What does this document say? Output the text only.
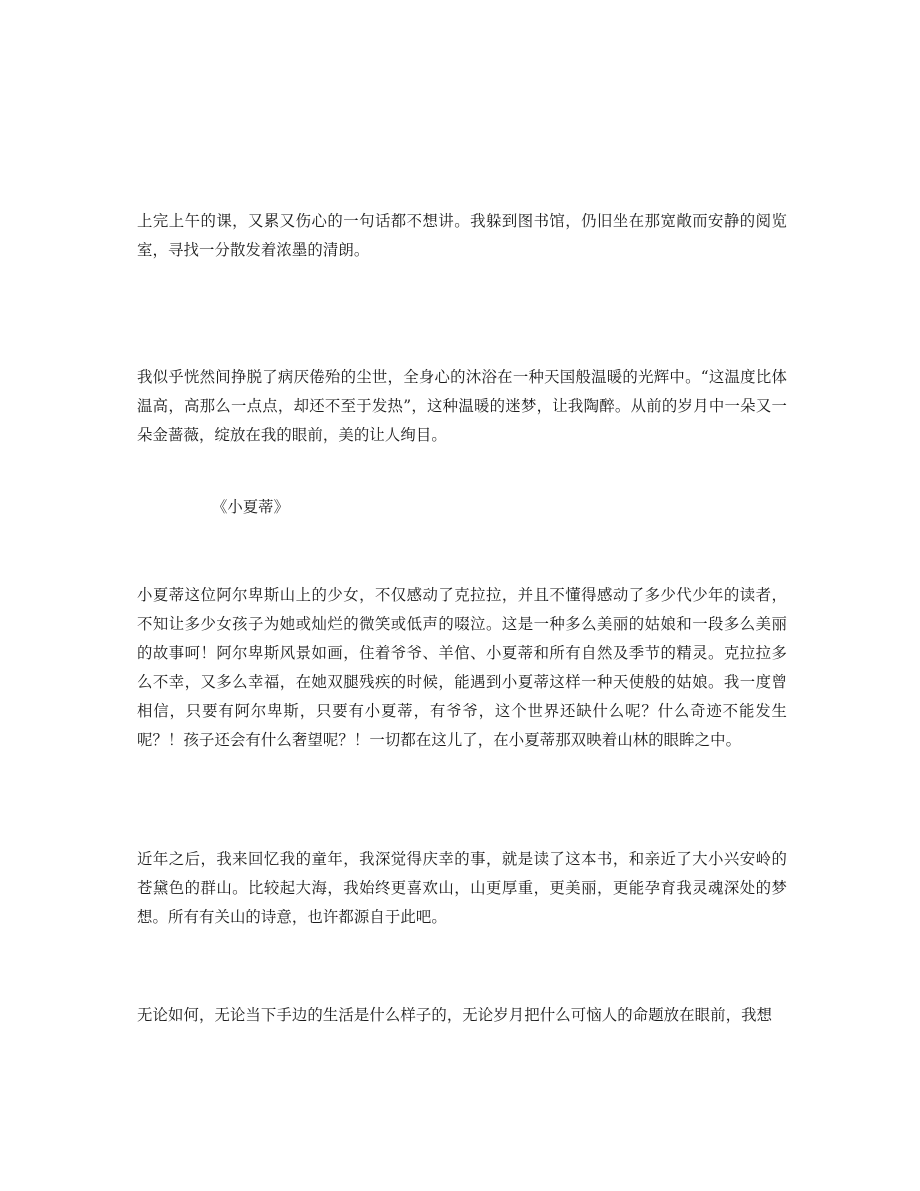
上完上午的课，又累又伤心的一句话都不想讲。我躲到图书馆，仍旧坐在那宽敞而安静的阅览室，寻找一分散发着浓墨的清朗。

我似乎恍然间挣脱了病厌倦殆的尘世，全身心的沐浴在一种天国般温暖的光辉中。“这温度比体温高，高那么一点点，却还不至于发热”，这种温暖的迷梦，让我陶醉。从前的岁月中一朵又一朵金蔷薇，绽放在我的眼前，美的让人绚目。

《小夏蒂》

小夏蒂这位阿尔卑斯山上的少女，不仅感动了克拉拉，并且不懂得感动了多少代少年的读者，不知让多少女孩子为她或灿烂的微笑或低声的啜泣。这是一种多么美丽的姑娘和一段多么美丽的故事呵！阿尔卑斯风景如画，住着爷爷、羊倌、小夏蒂和所有自然及季节的精灵。克拉拉多么不幸，又多么幸福，在她双腿残疾的时候，能遇到小夏蒂这样一种天使般的姑娘。我一度曾相信，只要有阿尔卑斯，只要有小夏蒂，有爷爷，这个世界还缺什么呢？什么奇迹不能发生呢？！孩子还会有什么奢望呢？！一切都在这儿了，在小夏蒂那双映着山林的眼眸之中。

近年之后，我来回忆我的童年，我深觉得庆幸的事，就是读了这本书，和亲近了大小兴安岭的苍黛色的群山。比较起大海，我始终更喜欢山，山更厚重，更美丽，更能孕育我灵魂深处的梦想。所有有关山的诗意，也许都源自于此吧。

无论如何，无论当下手边的生活是什么样子的，无论岁月把什么可恼人的命题放在眼前，我想
